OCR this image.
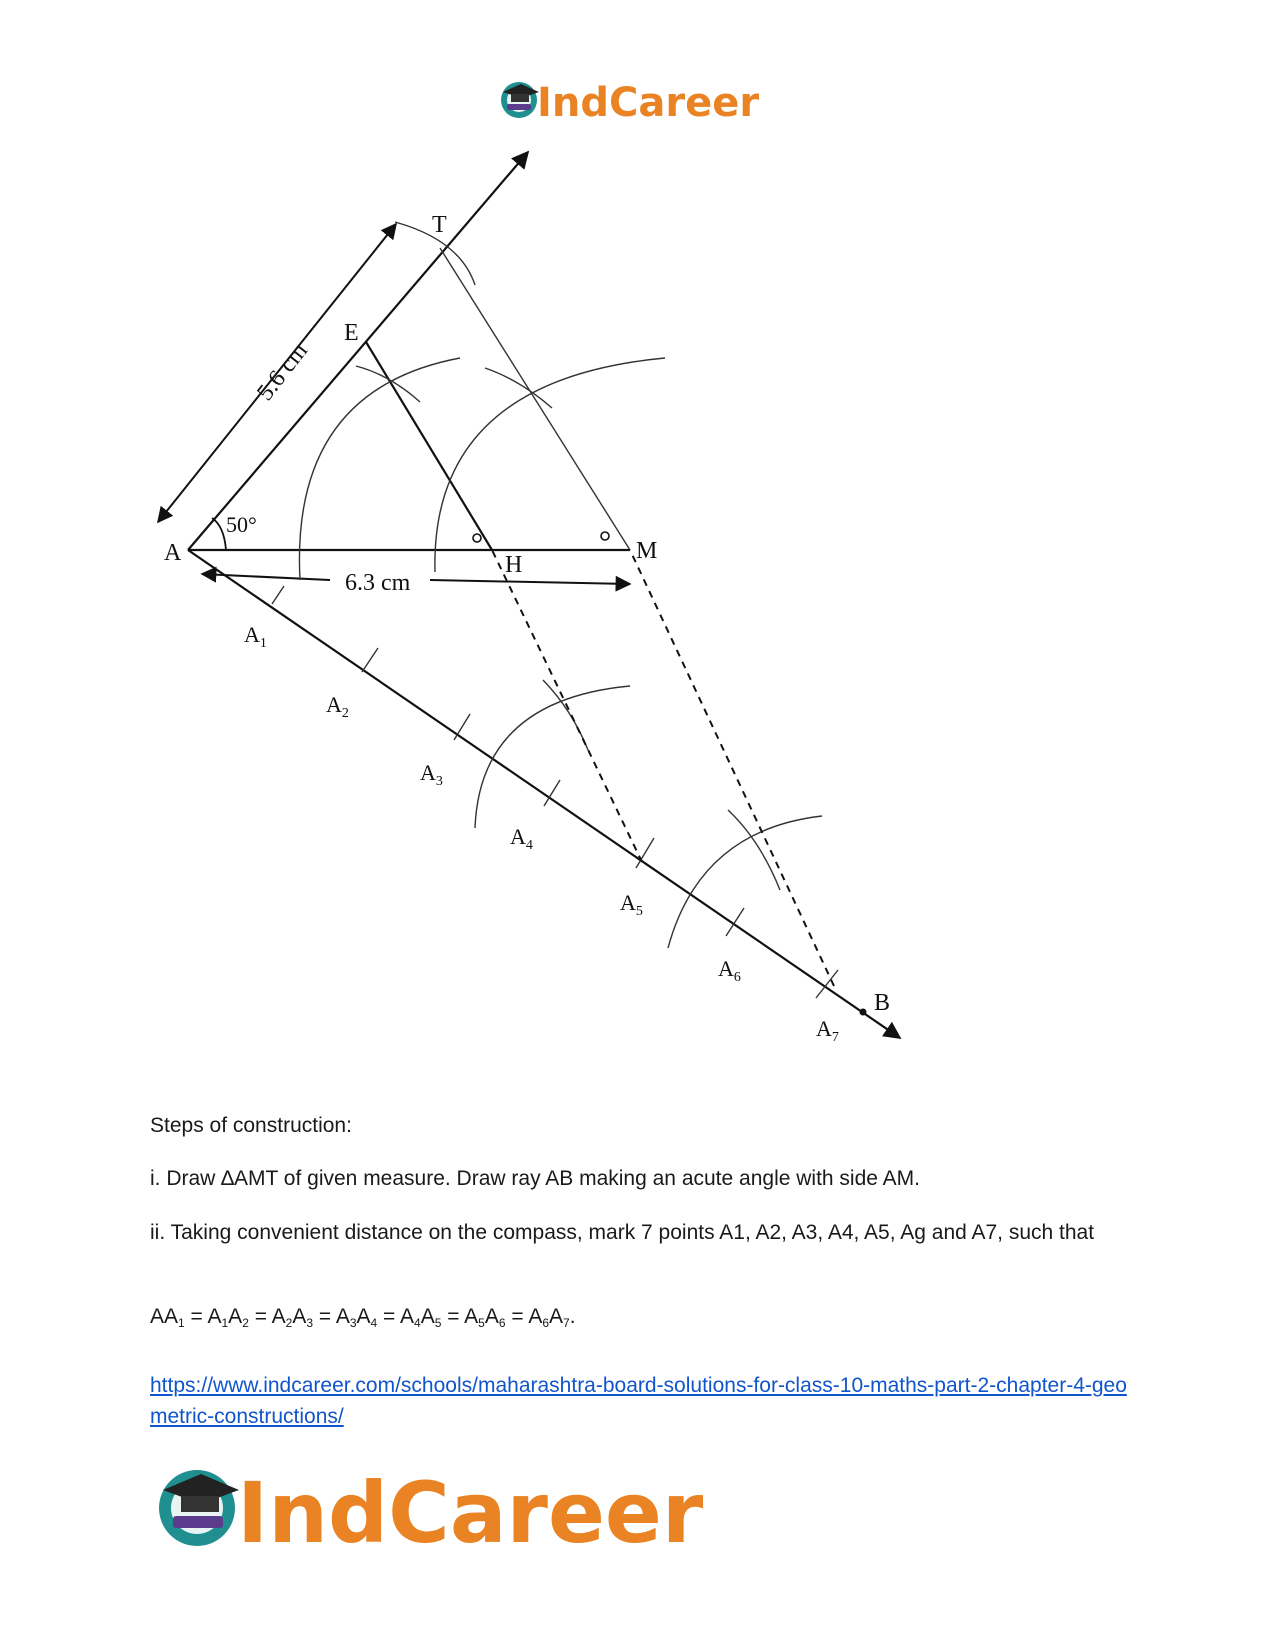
IndCareer
T
E
A	H
M
B
50°
5.6 cm
6.3 cm
$A_1$
$A_2$
$A_3$
$A_4$
$A_5$
$A_6$
$A_7$

Steps of construction:

i. Draw ∆AMT of given measure. Draw ray AB making an acute angle with side AM.

ii. Taking convenient distance on the compass, mark 7 points A1, A2, A3, A4, A5, Ag and A7, such that

$AA_1 = A_1A_2 = A_2A_3 = A_3A_4 = A_4A_5 = A_5A_6 = A_6A_7$.

https://www.indcareer.com/schools/maharashtra-board-solutions-for-class-10-maths-part-2-chapter-4-geometric-constructions/
IndCareer
